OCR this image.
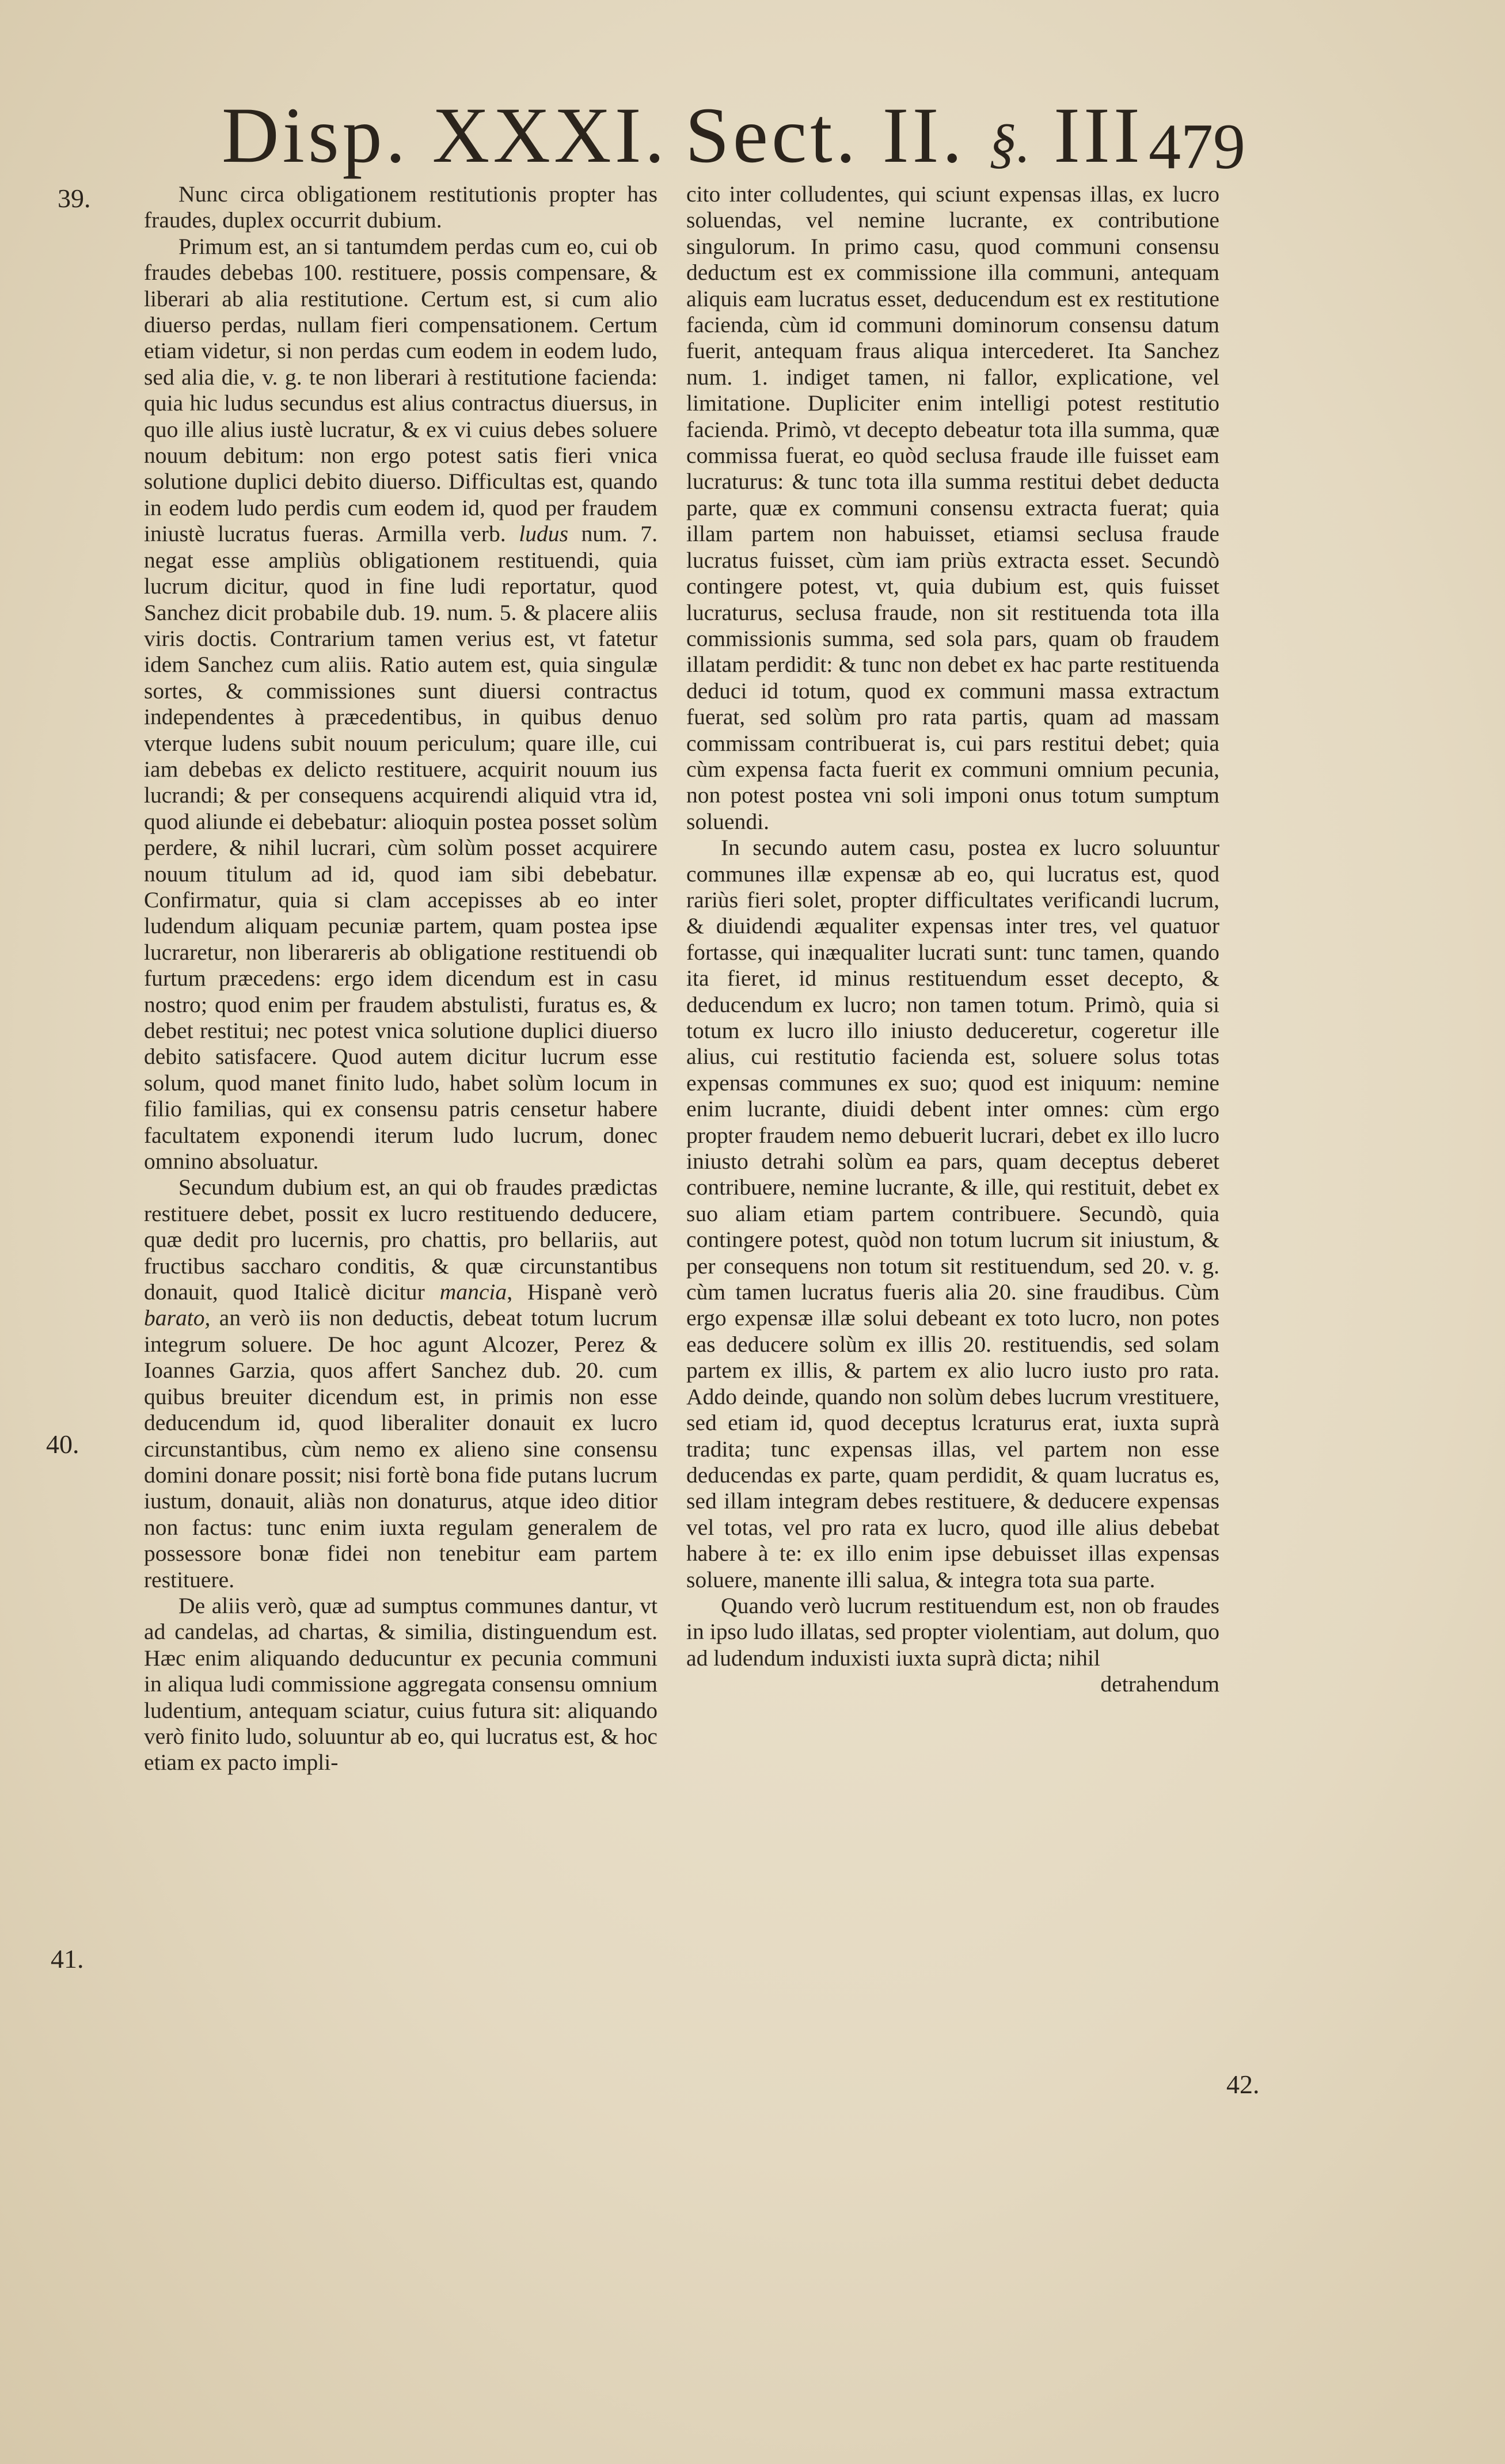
Disp. XXXI. Sect. II. §. III 479
39.
40.
41.
42.

Nunc circa obligationem restitutionis propter has fraudes, duplex occurrit dubium.

Primum est, an si tantumdem perdas cum eo, cui ob fraudes debebas 100. restituere, possis compensare, & liberari ab alia restitutione. Certum est, si cum alio diuerso perdas, nullam fieri compensationem. Certum etiam videtur, si non perdas cum eodem in eodem ludo, sed alia die, v. g. te non liberari à restitutione facienda: quia hic ludus secundus est alius contractus diuersus, in quo ille alius iustè lucratur, & ex vi cuius debes soluere nouum debitum: non ergo potest satis fieri vnica solutione duplici debito diuerso. Difficultas est, quando in eodem ludo perdis cum eodem id, quod per fraudem iniustè lucratus fueras. Armilla verb. ludus num. 7. negat esse ampliùs obligationem restituendi, quia lucrum dicitur, quod in fine ludi reportatur, quod Sanchez dicit probabile dub. 19. num. 5. & placere aliis viris doctis. Contrarium tamen verius est, vt fatetur idem Sanchez cum aliis. Ratio autem est, quia singulæ sortes, & commissiones sunt diuersi contractus independentes à præcedentibus, in quibus denuo vterque ludens subit nouum periculum; quare ille, cui iam debebas ex delicto restituere, acquirit nouum ius lucrandi; & per consequens acquirendi aliquid vtra id, quod aliunde ei debebatur: alioquin postea posset solùm perdere, & nihil lucrari, cùm solùm posset acquirere nouum titulum ad id, quod iam sibi debebatur. Confirmatur, quia si clam accepisses ab eo inter ludendum aliquam pecuniæ partem, quam postea ipse lucraretur, non liberareris ab obligatione restituendi ob furtum præcedens: ergo idem dicendum est in casu nostro; quod enim per fraudem abstulisti, furatus es, & debet restitui; nec potest vnica solutione duplici diuerso debito satisfacere. Quod autem dicitur lucrum esse solum, quod manet finito ludo, habet solùm locum in filio familias, qui ex consensu patris censetur habere facultatem exponendi iterum ludo lucrum, donec omnino absoluatur.

Secundum dubium est, an qui ob fraudes prædictas restituere debet, possit ex lucro restituendo deducere, quæ dedit pro lucernis, pro chattis, pro bellariis, aut fructibus saccharo conditis, & quæ circunstantibus donauit, quod Italicè dicitur mancia, Hispanè verò barato, an verò iis non deductis, debeat totum lucrum integrum soluere. De hoc agunt Alcozer, Perez & Ioannes Garzia, quos affert Sanchez dub. 20. cum quibus breuiter dicendum est, in primis non esse deducendum id, quod liberaliter donauit ex lucro circunstantibus, cùm nemo ex alieno sine consensu domini donare possit; nisi fortè bona fide putans lucrum iustum, donauit, aliàs non donaturus, atque ideo ditior non factus: tunc enim iuxta regulam generalem de possessore bonæ fidei non tenebitur eam partem restituere.

De aliis verò, quæ ad sumptus communes dantur, vt ad candelas, ad chartas, & similia, distinguendum est. Hæc enim aliquando deducuntur ex pecunia communi in aliqua ludi commissione aggregata consensu omnium ludentium, antequam sciatur, cuius futura sit: aliquando verò finito ludo, soluuntur ab eo, qui lucratus est, & hoc etiam ex pacto impli-

cito inter colludentes, qui sciunt expensas illas, ex lucro soluendas, vel nemine lucrante, ex contributione singulorum. In primo casu, quod communi consensu deductum est ex commissione illa communi, antequam aliquis eam lucratus esset, deducendum est ex restitutione facienda, cùm id communi dominorum consensu datum fuerit, antequam fraus aliqua intercederet. Ita Sanchez num. 1. indiget tamen, ni fallor, explicatione, vel limitatione. Dupliciter enim intelligi potest restitutio facienda. Primò, vt decepto debeatur tota illa summa, quæ commissa fuerat, eo quòd seclusa fraude ille fuisset eam lucraturus: & tunc tota illa summa restitui debet deducta parte, quæ ex communi consensu extracta fuerat; quia illam partem non habuisset, etiamsi seclusa fraude lucratus fuisset, cùm iam priùs extracta esset. Secundò contingere potest, vt, quia dubium est, quis fuisset lucraturus, seclusa fraude, non sit restituenda tota illa commissionis summa, sed sola pars, quam ob fraudem illatam perdidit: & tunc non debet ex hac parte restituenda deduci id totum, quod ex communi massa extractum fuerat, sed solùm pro rata partis, quam ad massam commissam contribuerat is, cui pars restitui debet; quia cùm expensa facta fuerit ex communi omnium pecunia, non potest postea vni soli imponi onus totum sumptum soluendi.

In secundo autem casu, postea ex lucro soluuntur communes illæ expensæ ab eo, qui lucratus est, quod rariùs fieri solet, propter difficultates verificandi lucrum, & diuidendi æqualiter expensas inter tres, vel quatuor fortasse, qui inæqualiter lucrati sunt: tunc tamen, quando ita fieret, id minus restituendum esset decepto, & deducendum ex lucro; non tamen totum. Primò, quia si totum ex lucro illo iniusto deduceretur, cogeretur ille alius, cui restitutio facienda est, soluere solus totas expensas communes ex suo; quod est iniquum: nemine enim lucrante, diuidi debent inter omnes: cùm ergo propter fraudem nemo debuerit lucrari, debet ex illo lucro iniusto detrahi solùm ea pars, quam deceptus deberet contribuere, nemine lucrante, & ille, qui restituit, debet ex suo aliam etiam partem contribuere. Secundò, quia contingere potest, quòd non totum lucrum sit iniustum, & per consequens non totum sit restituendum, sed 20. v. g. cùm tamen lucratus fueris alia 20. sine fraudibus. Cùm ergo expensæ illæ solui debeant ex toto lucro, non potes eas deducere solùm ex illis 20. restituendis, sed solam partem ex illis, & partem ex alio lucro iusto pro rata. Addo deinde, quando non solùm debes lucrum vrestituere, sed etiam id, quod deceptus lcraturus erat, iuxta suprà tradita; tunc expensas illas, vel partem non esse deducendas ex parte, quam perdidit, & quam lucratus es, sed illam integram debes restituere, & deducere expensas vel totas, vel pro rata ex lucro, quod ille alius debebat habere à te: ex illo enim ipse debuisset illas expensas soluere, manente illi salua, & integra tota sua parte.

Quando verò lucrum restituendum est, non ob fraudes in ipso ludo illatas, sed propter violentiam, aut dolum, quo ad ludendum induxisti iuxta suprà dicta; nihil

detrahendum
